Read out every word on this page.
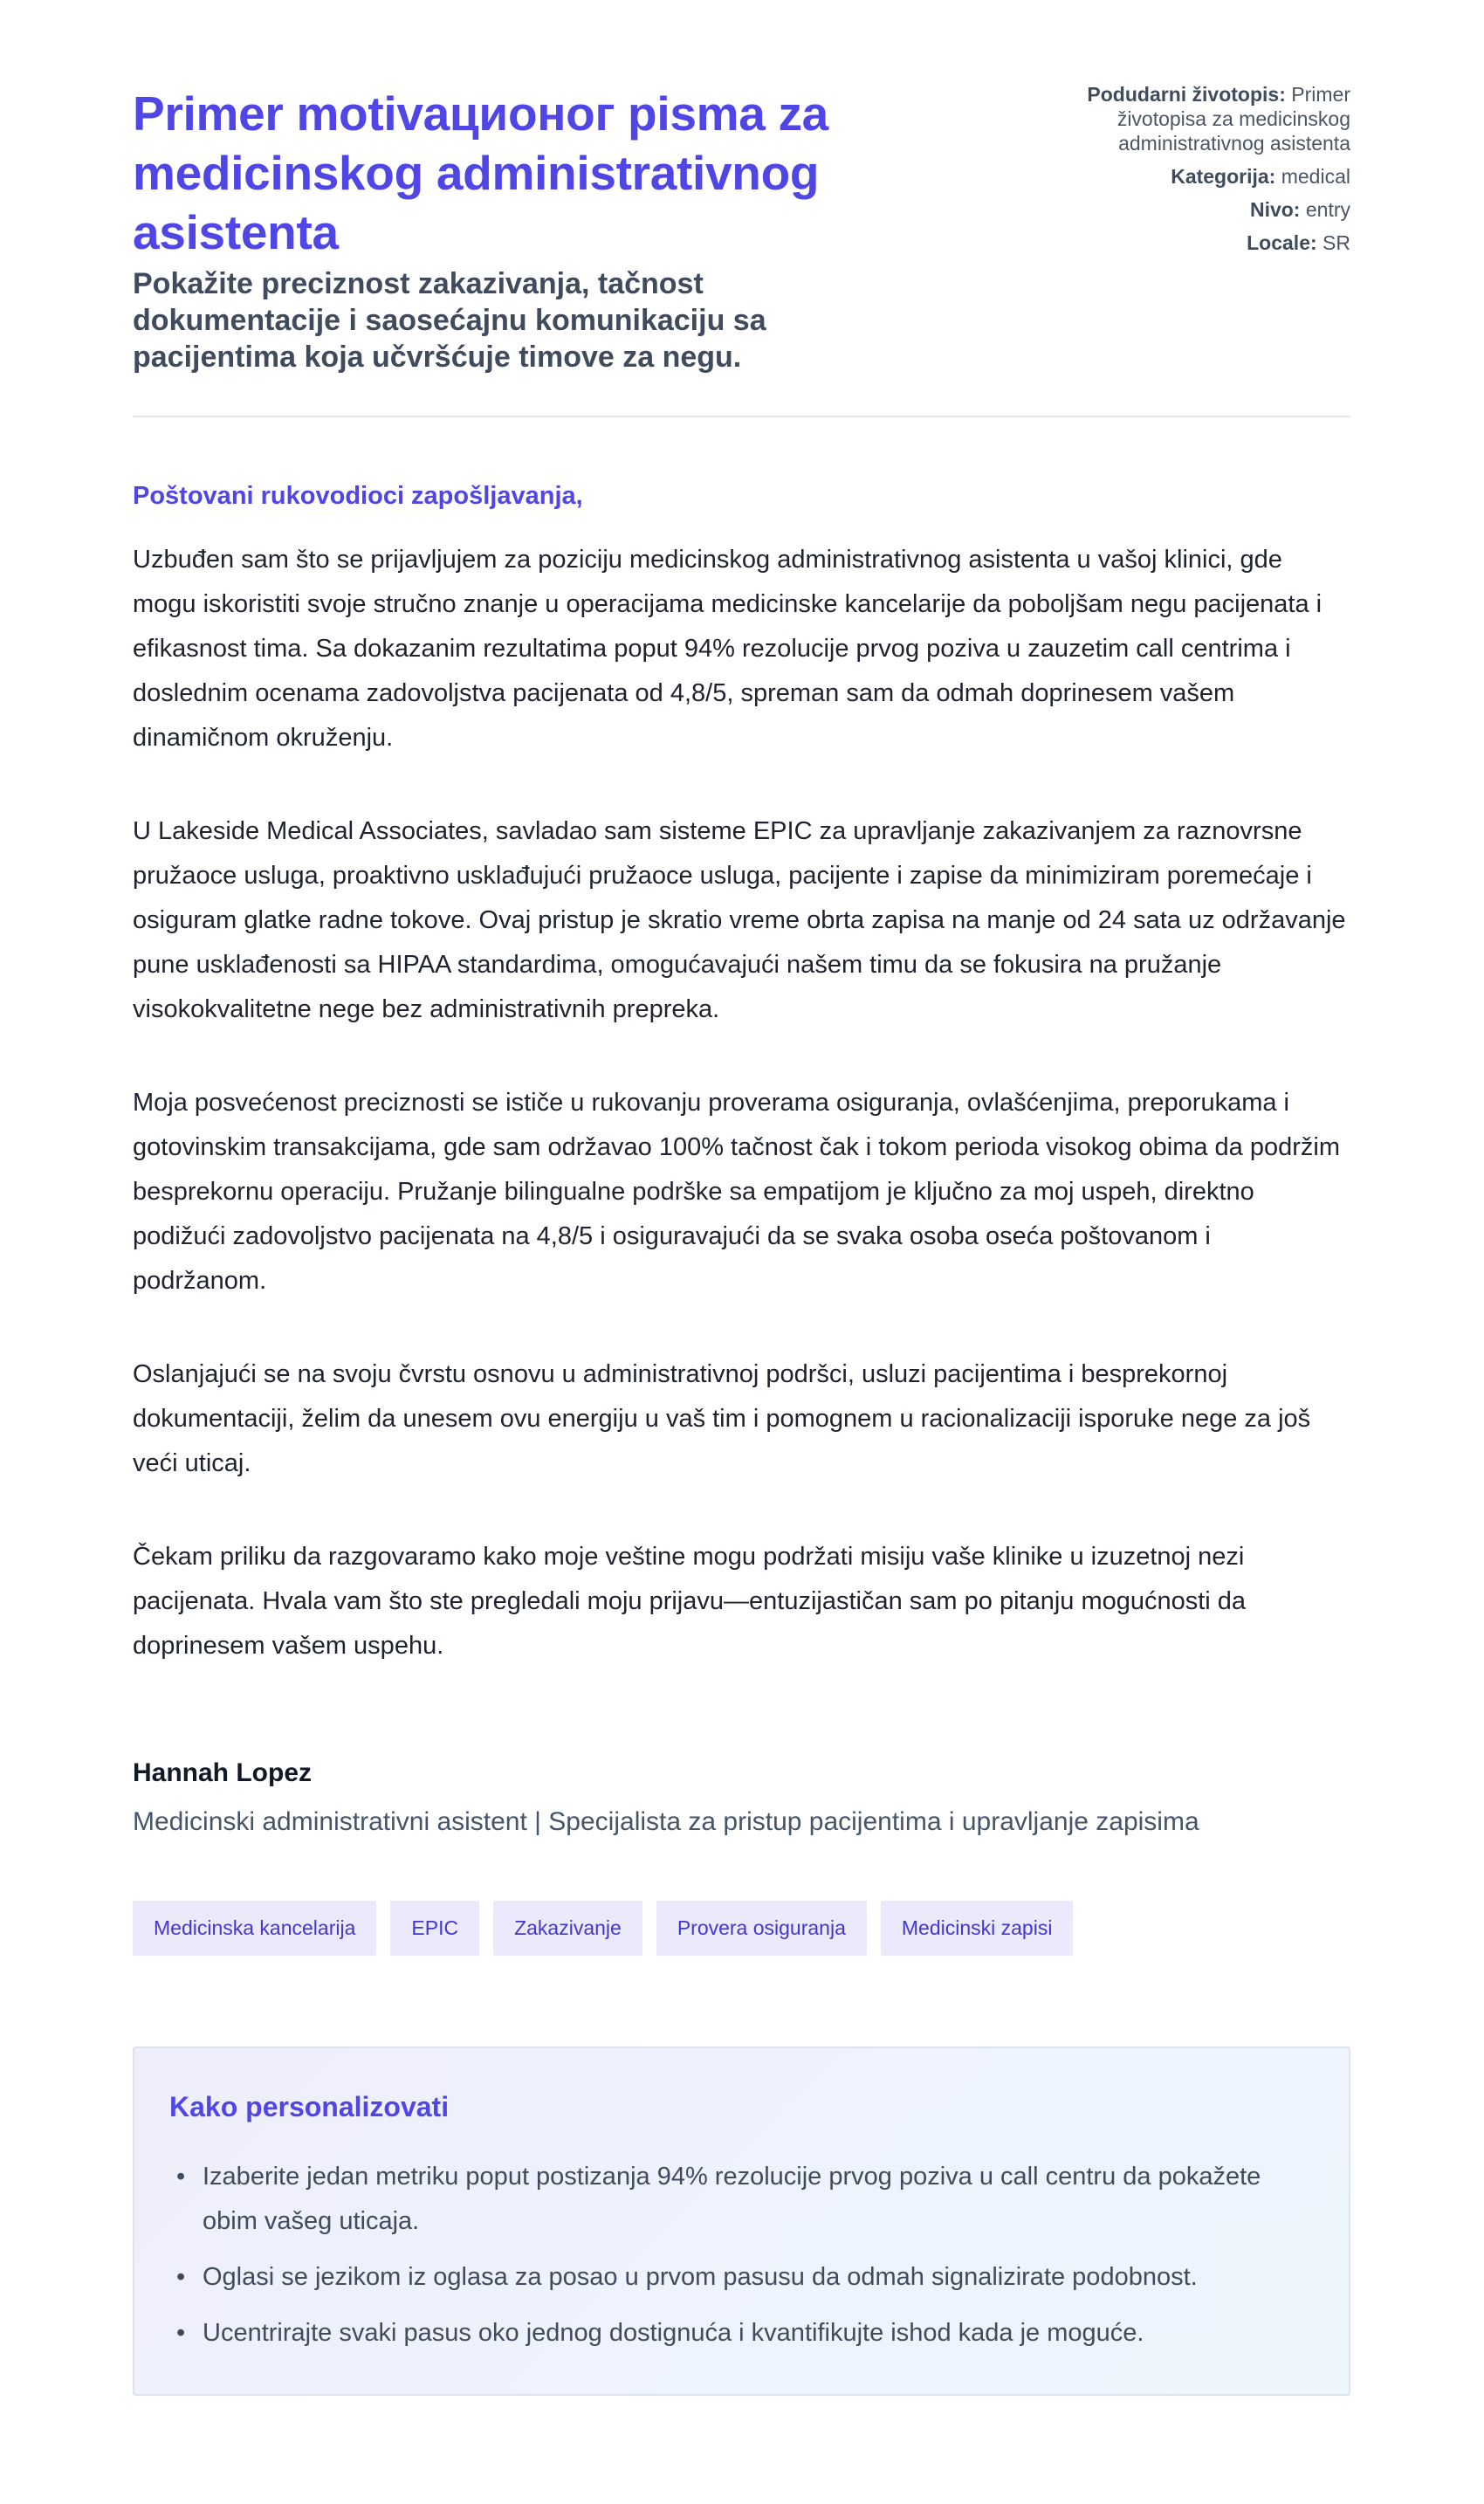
Primer motivaционог pisma za medicinskog administrativnog asistenta

Pokažite preciznost zakazivanja, tačnost dokumentacije i saosećajnu komunikaciju sa pacijentima koja učvršćuje timove za negu.

Podudarni životopis: Primer životopisa za medicinskog administrativnog asistenta
Kategorija: medical
Nivo: entry
Locale: SR

Poštovani rukovodioci zapošljavanja,

Uzbuđen sam što se prijavljujem za poziciju medicinskog administrativnog asistenta u vašoj klinici, gde mogu iskoristiti svoje stručno znanje u operacijama medicinske kancelarije da poboljšam negu pacijenata i efikasnost tima. Sa dokazanim rezultatima poput 94% rezolucije prvog poziva u zauzetim call centrima i doslednim ocenama zadovoljstva pacijenata od 4,8/5, spreman sam da odmah doprinesem vašem dinamičnom okruženju.

U Lakeside Medical Associates, savladao sam sisteme EPIC za upravljanje zakazivanjem za raznovrsne pružaoce usluga, proaktivno usklađujući pružaoce usluga, pacijente i zapise da minimiziram poremećaje i osiguram glatke radne tokove. Ovaj pristup je skratio vreme obrta zapisa na manje od 24 sata uz održavanje pune usklađenosti sa HIPAA standardima, omogućavajući našem timu da se fokusira na pružanje visokokvalitetne nege bez administrativnih prepreka.

Moja posvećenost preciznosti se ističe u rukovanju proverama osiguranja, ovlašćenjima, preporukama i gotovinskim transakcijama, gde sam održavao 100% tačnost čak i tokom perioda visokog obima da podržim besprekornu operaciju. Pružanje bilingualne podrške sa empatijom je ključno za moj uspeh, direktno podižući zadovoljstvo pacijenata na 4,8/5 i osiguravajući da se svaka osoba oseća poštovanom i podržanom.

Oslanjajući se na svoju čvrstu osnovu u administrativnoj podršci, usluzi pacijentima i besprekornoj dokumentaciji, želim da unesem ovu energiju u vaš tim i pomognem u racionalizaciji isporuke nege za još veći uticaj.

Čekam priliku da razgovaramo kako moje veštine mogu podržati misiju vaše klinike u izuzetnoj nezi pacijenata. Hvala vam što ste pregledali moju prijavu—entuzijastičan sam po pitanju mogućnosti da doprinesem vašem uspehu.

Hannah Lopez
Medicinski administrativni asistent | Specijalista za pristup pacijentima i upravljanje zapisima
Medicinska kancelarija	EPIC	Zakazivanje	Provera osiguranja	Medicinski zapisi
Kako personalizovati
• Izaberite jedan metriku poput postizanja 94% rezolucije prvog poziva u call centru da pokažete obim vašeg uticaja.
• Oglasi se jezikom iz oglasa za posao u prvom pasusu da odmah signalizirate podobnost.
• Ucentrirajte svaki pasus oko jednog dostignuća i kvantifikujte ishod kada je moguće.
